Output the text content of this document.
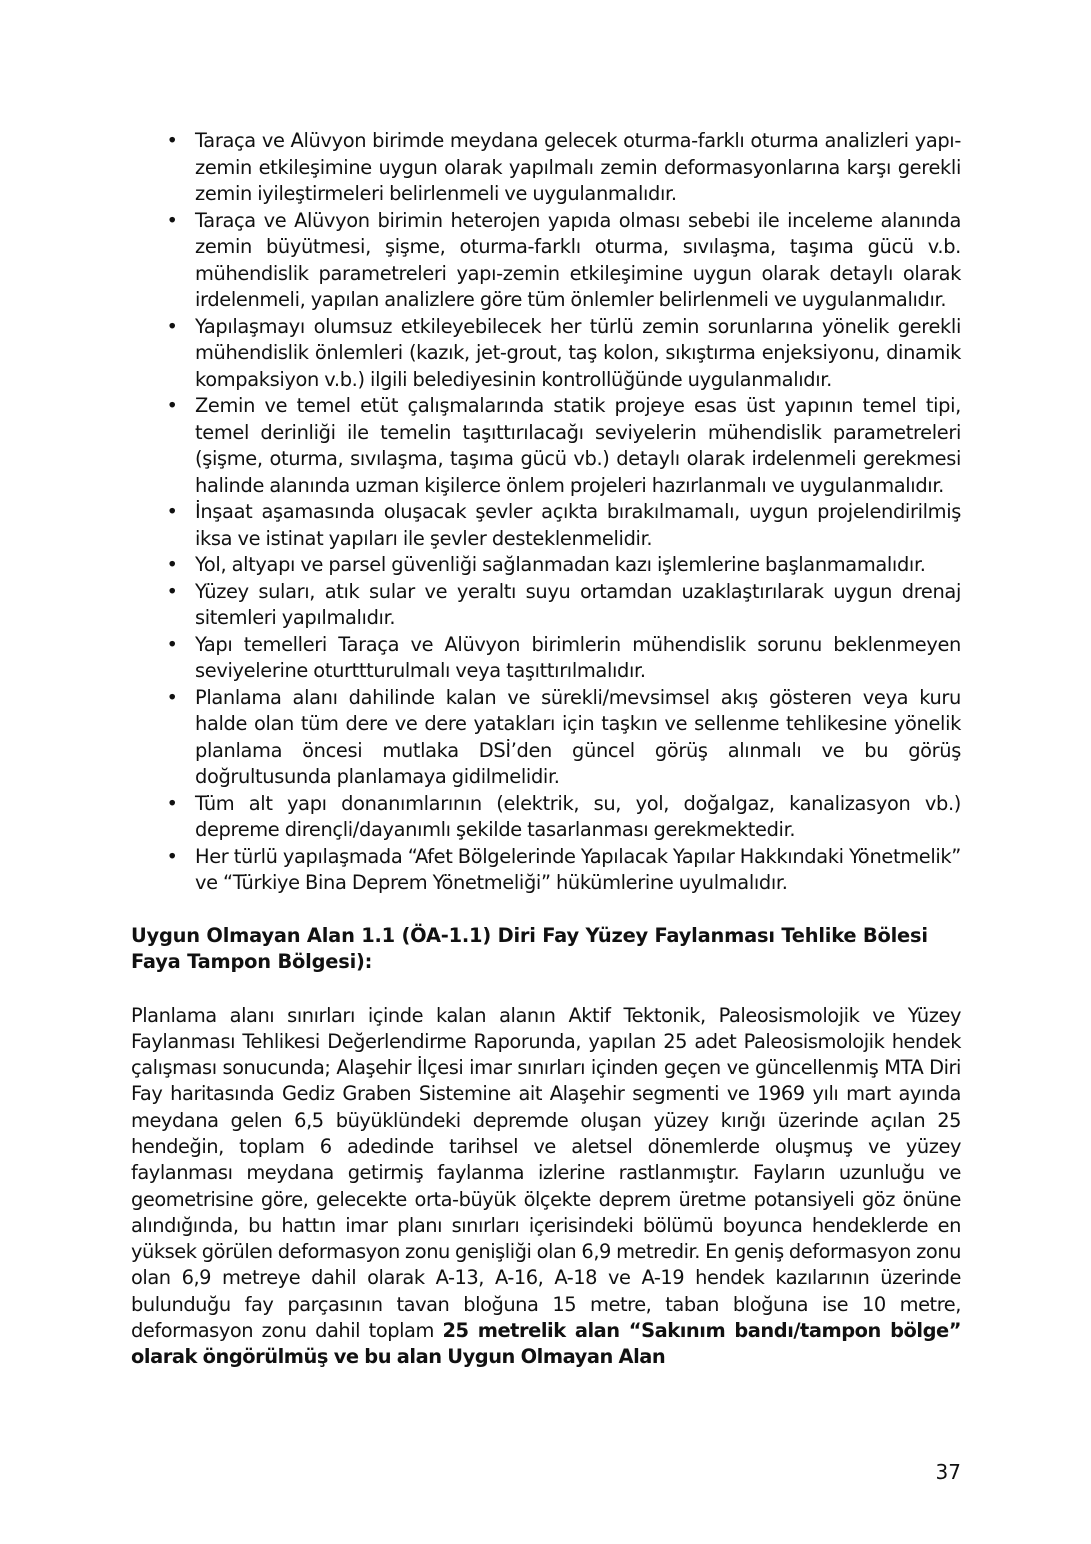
• Taraça ve Alüvyon birimde meydana gelecek oturma-farklı oturma analizleri yapı-zemin etkileşimine uygun olarak yapılmalı zemin deformasyonlarına karşı gerekli zemin iyileştirmeleri belirlenmeli ve uygulanmalıdır.
• Taraça ve Alüvyon birimin heterojen yapıda olması sebebi ile inceleme alanında zemin büyütmesi, şişme, oturma-farklı oturma, sıvılaşma, taşıma gücü v.b. mühendislik parametreleri yapı-zemin etkileşimine uygun olarak detaylı olarak irdelenmeli, yapılan analizlere göre tüm önlemler belirlenmeli ve uygulanmalıdır.
• Yapılaşmayı olumsuz etkileyebilecek her türlü zemin sorunlarına yönelik gerekli mühendislik önlemleri (kazık, jet-grout, taş kolon, sıkıştırma enjeksiyonu, dinamik kompaksiyon v.b.) ilgili belediyesinin kontrollüğünde uygulanmalıdır.
• Zemin ve temel etüt çalışmalarında statik projeye esas üst yapının temel tipi, temel derinliği ile temelin taşıttırılacağı seviyelerin mühendislik parametreleri (şişme, oturma, sıvılaşma, taşıma gücü vb.) detaylı olarak irdelenmeli gerekmesi halinde alanında uzman kişilerce önlem projeleri hazırlanmalı ve uygulanmalıdır.
• İnşaat aşamasında oluşacak şevler açıkta bırakılmamalı, uygun projelendirilmiş iksa ve istinat yapıları ile şevler desteklenmelidir.
• Yol, altyapı ve parsel güvenliği sağlanmadan kazı işlemlerine başlanmamalıdır.
• Yüzey suları, atık sular ve yeraltı suyu ortamdan uzaklaştırılarak uygun drenaj sitemleri yapılmalıdır.
• Yapı temelleri Taraça ve Alüvyon birimlerin mühendislik sorunu beklenmeyen seviyelerine oturttturulmalı veya taşıttırılmalıdır.
• Planlama alanı dahilinde kalan ve sürekli/mevsimsel akış gösteren veya kuru halde olan tüm dere ve dere yatakları için taşkın ve sellenme tehlikesine yönelik planlama öncesi mutlaka DSİ’den güncel görüş alınmalı ve bu görüş doğrultusunda planlamaya gidilmelidir.
• Tüm alt yapı donanımlarının (elektrik, su, yol, doğalgaz, kanalizasyon vb.) depreme dirençli/dayanımlı şekilde tasarlanması gerekmektedir.
• Her türlü yapılaşmada “Afet Bölgelerinde Yapılacak Yapılar Hakkındaki Yönetmelik” ve “Türkiye Bina Deprem Yönetmeliği” hükümlerine uyulmalıdır.
Uygun Olmayan Alan 1.1 (ÖA-1.1) Diri Fay Yüzey Faylanması Tehlike Bölesi Faya Tampon Bölgesi):

Planlama alanı sınırları içinde kalan alanın Aktif Tektonik, Paleosismolojik ve Yüzey Faylanması Tehlikesi Değerlendirme Raporunda, yapılan 25 adet Paleosismolojik hendek çalışması sonucunda; Alaşehir İlçesi imar sınırları içinden geçen ve güncellenmiş MTA Diri Fay haritasında Gediz Graben Sistemine ait Alaşehir segmenti ve 1969 yılı mart ayında meydana gelen 6,5 büyüklündeki depremde oluşan yüzey kırığı üzerinde açılan 25 hendeğin, toplam 6 adedinde tarihsel ve aletsel dönemlerde oluşmuş ve yüzey faylanması meydana getirmiş faylanma izlerine rastlanmıştır. Fayların uzunluğu ve geometrisine göre, gelecekte orta-büyük ölçekte deprem üretme potansiyeli göz önüne alındığında, bu hattın imar planı sınırları içerisindeki bölümü boyunca hendeklerde en yüksek görülen deformasyon zonu genişliği olan 6,9 metredir. En geniş deformasyon zonu olan 6,9 metreye dahil olarak A-13, A-16, A-18 ve A-19 hendek kazılarının üzerinde bulunduğu fay parçasının tavan bloğuna 15 metre, taban bloğuna ise 10 metre, deformasyon zonu dahil toplam 25 metrelik alan “Sakınım bandı/tampon bölge” olarak öngörülmüş ve bu alan Uygun Olmayan Alan

37
